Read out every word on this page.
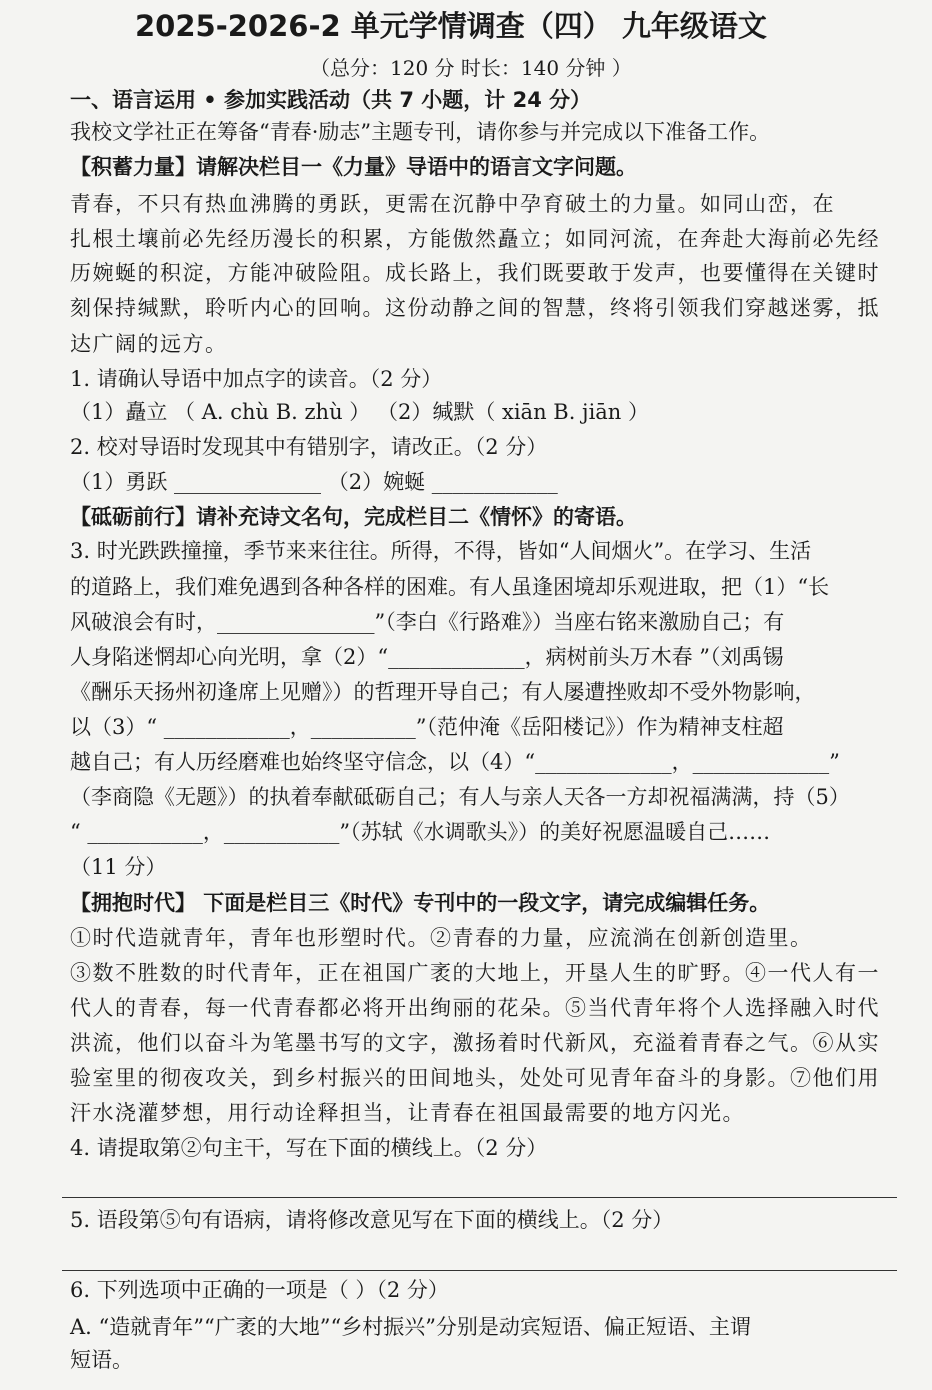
2025-2026-2 单元学情调查（四） 九年级语文
（总分：120 分 时长：140 分钟 ）
一、语言运用 • 参加实践活动（共 7 小题，计 24 分）
我校文学社正在筹备“青春·励志”主题专刊，请你参与并完成以下准备工作。
【积蓄力量】请解决栏目一《力量》导语中的语言文字问题。
青春，不只有热血沸腾的勇跃，更需在沉静中孕育破土的力量。如同山峦，在
扎根土壤前必先经历漫长的积累，方能傲然矗立；如同河流，在奔赴大海前必先经
历婉蜒的积淀，方能冲破险阻。成长路上，我们既要敢于发声，也要懂得在关键时
刻保持缄默，聆听内心的回响。这份动静之间的智慧，终将引领我们穿越迷雾，抵
达广阔的远方。
1. 请确认导语中加点字的读音。（2 分）
（1）矗立 （ A. chù B. zhù ） （2）缄默（ xiān B. jiān ）
2. 校对导语时发现其中有错别字，请改正。（2 分）
（1）勇跃 ______________ （2）婉蜒 ____________
【砥砺前行】请补充诗文名句，完成栏目二《情怀》的寄语。
3. 时光跌跌撞撞，季节来来往往。所得，不得，皆如“人间烟火”。在学习、生活
的道路上，我们难免遇到各种各样的困难。有人虽逢困境却乐观进取，把（1）“长
风破浪会有时，_______________”（李白《行路难》）当座右铭来激励自己；有
人身陷迷惘却心向光明，拿（2）“_____________，病树前头万木春 ”（刘禹锡
《酬乐天扬州初逢席上见赠》）的哲理开导自己；有人屡遭挫败却不受外物影响，
以（3）“ ____________，__________”（范仲淹《岳阳楼记》）作为精神支柱超
越自己；有人历经磨难也始终坚守信念，以（4）“_____________，_____________”
（李商隐《无题》）的执着奉献砥砺自己；有人与亲人天各一方却祝福满满，持（5）
“ ___________，___________”（苏轼《水调歌头》）的美好祝愿温暖自己……
（11 分）
【拥抱时代】 下面是栏目三《时代》专刊中的一段文字，请完成编辑任务。
①时代造就青年，青年也形塑时代。②青春的力量，应流淌在创新创造里。
③数不胜数的时代青年，正在祖国广袤的大地上，开垦人生的旷野。④一代人有一
代人的青春，每一代青春都必将开出绚丽的花朵。⑤当代青年将个人选择融入时代
洪流，他们以奋斗为笔墨书写的文字，激扬着时代新风，充溢着青春之气。⑥从实
验室里的彻夜攻关，到乡村振兴的田间地头，处处可见青年奋斗的身影。⑦他们用
汗水浇灌梦想，用行动诠释担当，让青春在祖国最需要的地方闪光。
4. 请提取第②句主干，写在下面的横线上。（2 分）
5. 语段第⑤句有语病，请将修改意见写在下面的横线上。（2 分）
6. 下列选项中正确的一项是（ ）（2 分）
A. “造就青年”“广袤的大地”“乡村振兴”分别是动宾短语、偏正短语、主谓
短语。
